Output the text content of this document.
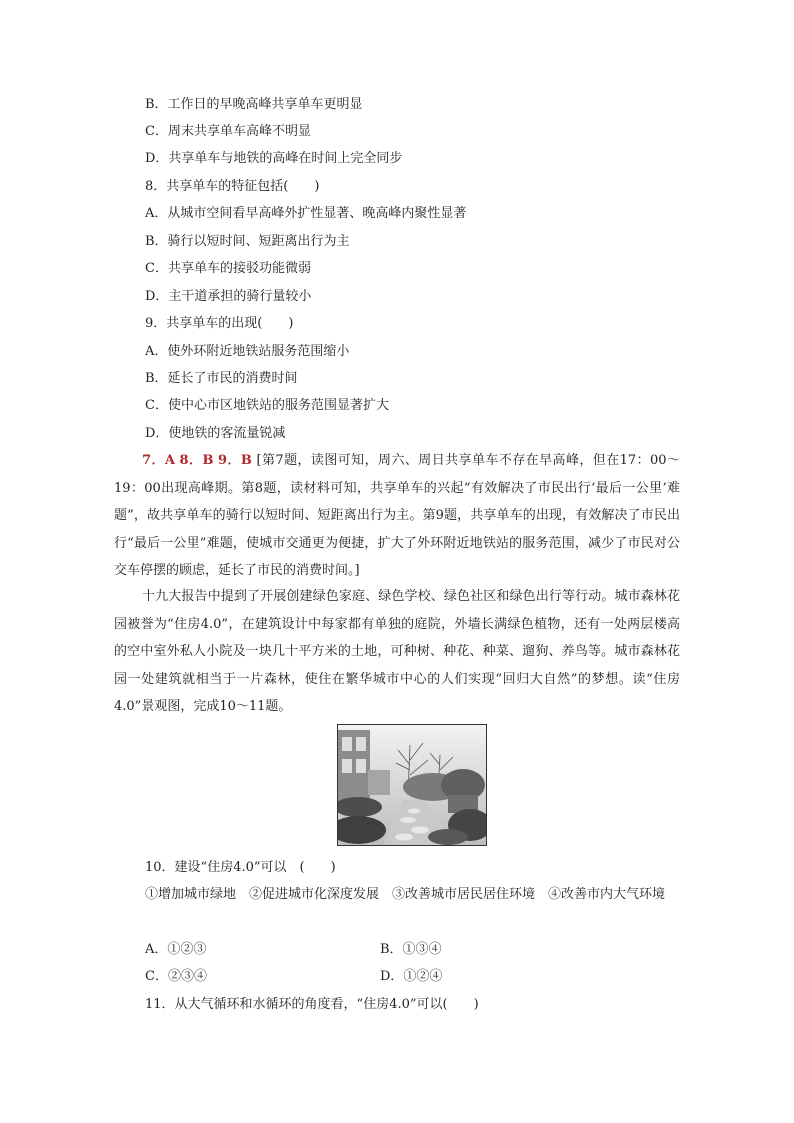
B．工作日的早晚高峰共享单车更明显
C．周末共享单车高峰不明显
D．共享单车与地铁的高峰在时间上完全同步
8．共享单车的特征包括(　　)
A．从城市空间看早高峰外扩性显著、晚高峰内聚性显著
B．骑行以短时间、短距离出行为主
C．共享单车的接驳功能微弱
D．主干道承担的骑行量较小
9．共享单车的出现(　　)
A．使外环附近地铁站服务范围缩小
B．延长了市民的消费时间
C．使中心市区地铁站的服务范围显著扩大
D．使地铁的客流量锐减
7．A 8．B 9．B [第7题，读图可知，周六、周日共享单车不存在早高峰，但在17：00～19：00出现高峰期。第8题，读材料可知，共享单车的兴起“有效解决了市民出行‘最后一公里’难题”，故共享单车的骑行以短时间、短距离出行为主。第9题，共享单车的出现，有效解决了市民出行“最后一公里”难题，使城市交通更为便捷，扩大了外环附近地铁站的服务范围，减少了市民对公交车停摆的顾虑，延长了市民的消费时间。]
十九大报告中提到了开展创建绿色家庭、绿色学校、绿色社区和绿色出行等行动。城市森林花园被誉为“住房4.0”，在建筑设计中每家都有单独的庭院，外墙长满绿色植物，还有一处两层楼高的空中室外私人小院及一块几十平方米的土地，可种树、种花、种菜、遛狗、养鸟等。城市森林花园一处建筑就相当于一片森林，使住在繁华城市中心的人们实现“回归大自然”的梦想。读“住房4.0”景观图，完成10～11题。
10．建设“住房4.0”可以　(　　)
①增加城市绿地　②促进城市化深度发展　③改善城市居民居住环境　④改善市内大气环境
A．①②③	B．①③④
C．②③④	D．①②④
11．从大气循环和水循环的角度看，“住房4.0”可以(　　)
